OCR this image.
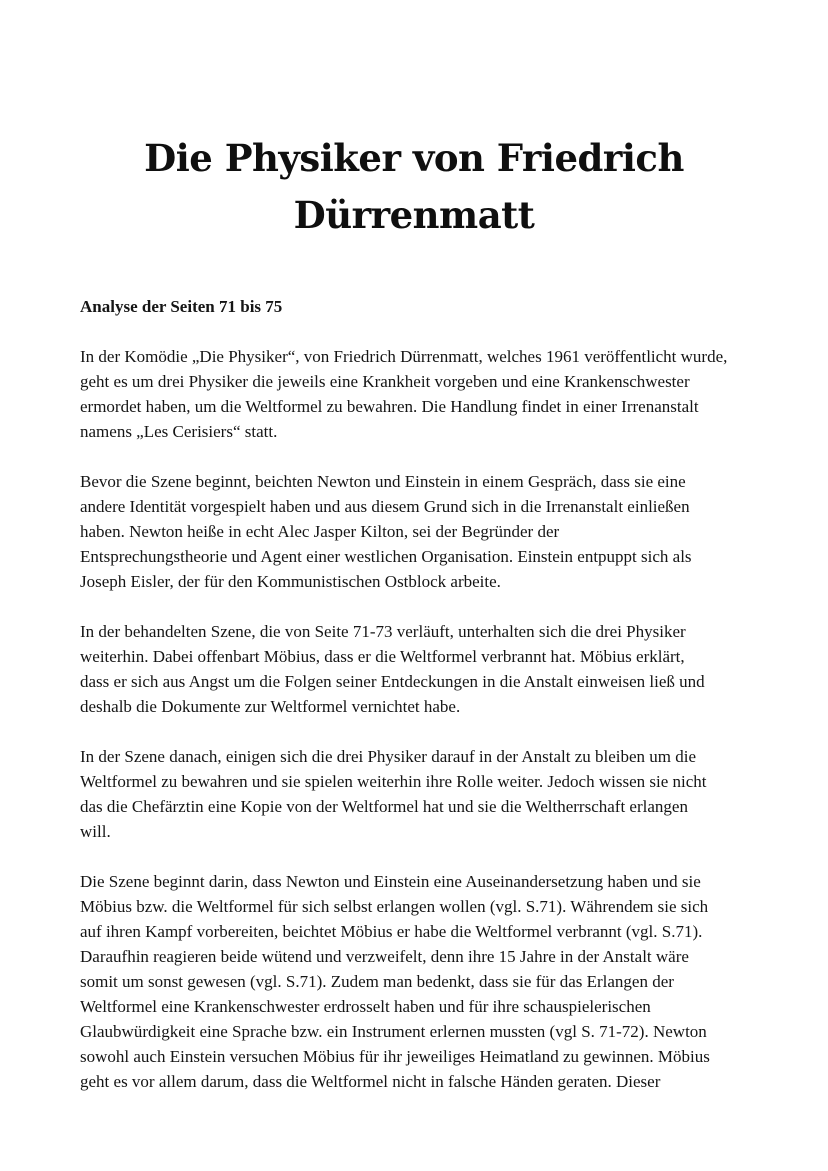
Die Physiker von Friedrich
Dürrenmatt

Analyse der Seiten 71 bis 75

In der Komödie „Die Physiker“, von Friedrich Dürrenmatt, welches 1961 veröffentlicht wurde,
geht es um drei Physiker die jeweils eine Krankheit vorgeben und eine Krankenschwester
ermordet haben, um die Weltformel zu bewahren. Die Handlung findet in einer Irrenanstalt
namens „Les Cerisiers“ statt.

Bevor die Szene beginnt, beichten Newton und Einstein in einem Gespräch, dass sie eine
andere Identität vorgespielt haben und aus diesem Grund sich in die Irrenanstalt einließen
haben. Newton heiße in echt Alec Jasper Kilton, sei der Begründer der
Entsprechungstheorie und Agent einer westlichen Organisation. Einstein entpuppt sich als
Joseph Eisler, der für den Kommunistischen Ostblock arbeite.

In der behandelten Szene, die von Seite 71-73 verläuft, unterhalten sich die drei Physiker
weiterhin. Dabei offenbart Möbius, dass er die Weltformel verbrannt hat. Möbius erklärt,
dass er sich aus Angst um die Folgen seiner Entdeckungen in die Anstalt einweisen ließ und
deshalb die Dokumente zur Weltformel vernichtet habe.

In der Szene danach, einigen sich die drei Physiker darauf in der Anstalt zu bleiben um die
Weltformel zu bewahren und sie spielen weiterhin ihre Rolle weiter. Jedoch wissen sie nicht
das die Chefärztin eine Kopie von der Weltformel hat und sie die Weltherrschaft erlangen
will.

Die Szene beginnt darin, dass Newton und Einstein eine Auseinandersetzung haben und sie
Möbius bzw. die Weltformel für sich selbst erlangen wollen (vgl. S.71). Währendem sie sich
auf ihren Kampf vorbereiten, beichtet Möbius er habe die Weltformel verbrannt (vgl. S.71).
Daraufhin reagieren beide wütend und verzweifelt, denn ihre 15 Jahre in der Anstalt wäre
somit um sonst gewesen (vgl. S.71). Zudem man bedenkt, dass sie für das Erlangen der
Weltformel eine Krankenschwester erdrosselt haben und für ihre schauspielerischen
Glaubwürdigkeit eine Sprache bzw. ein Instrument erlernen mussten (vgl S. 71-72). Newton
sowohl auch Einstein versuchen Möbius für ihr jeweiliges Heimatland zu gewinnen. Möbius
geht es vor allem darum, dass die Weltformel nicht in falsche Händen geraten. Dieser
